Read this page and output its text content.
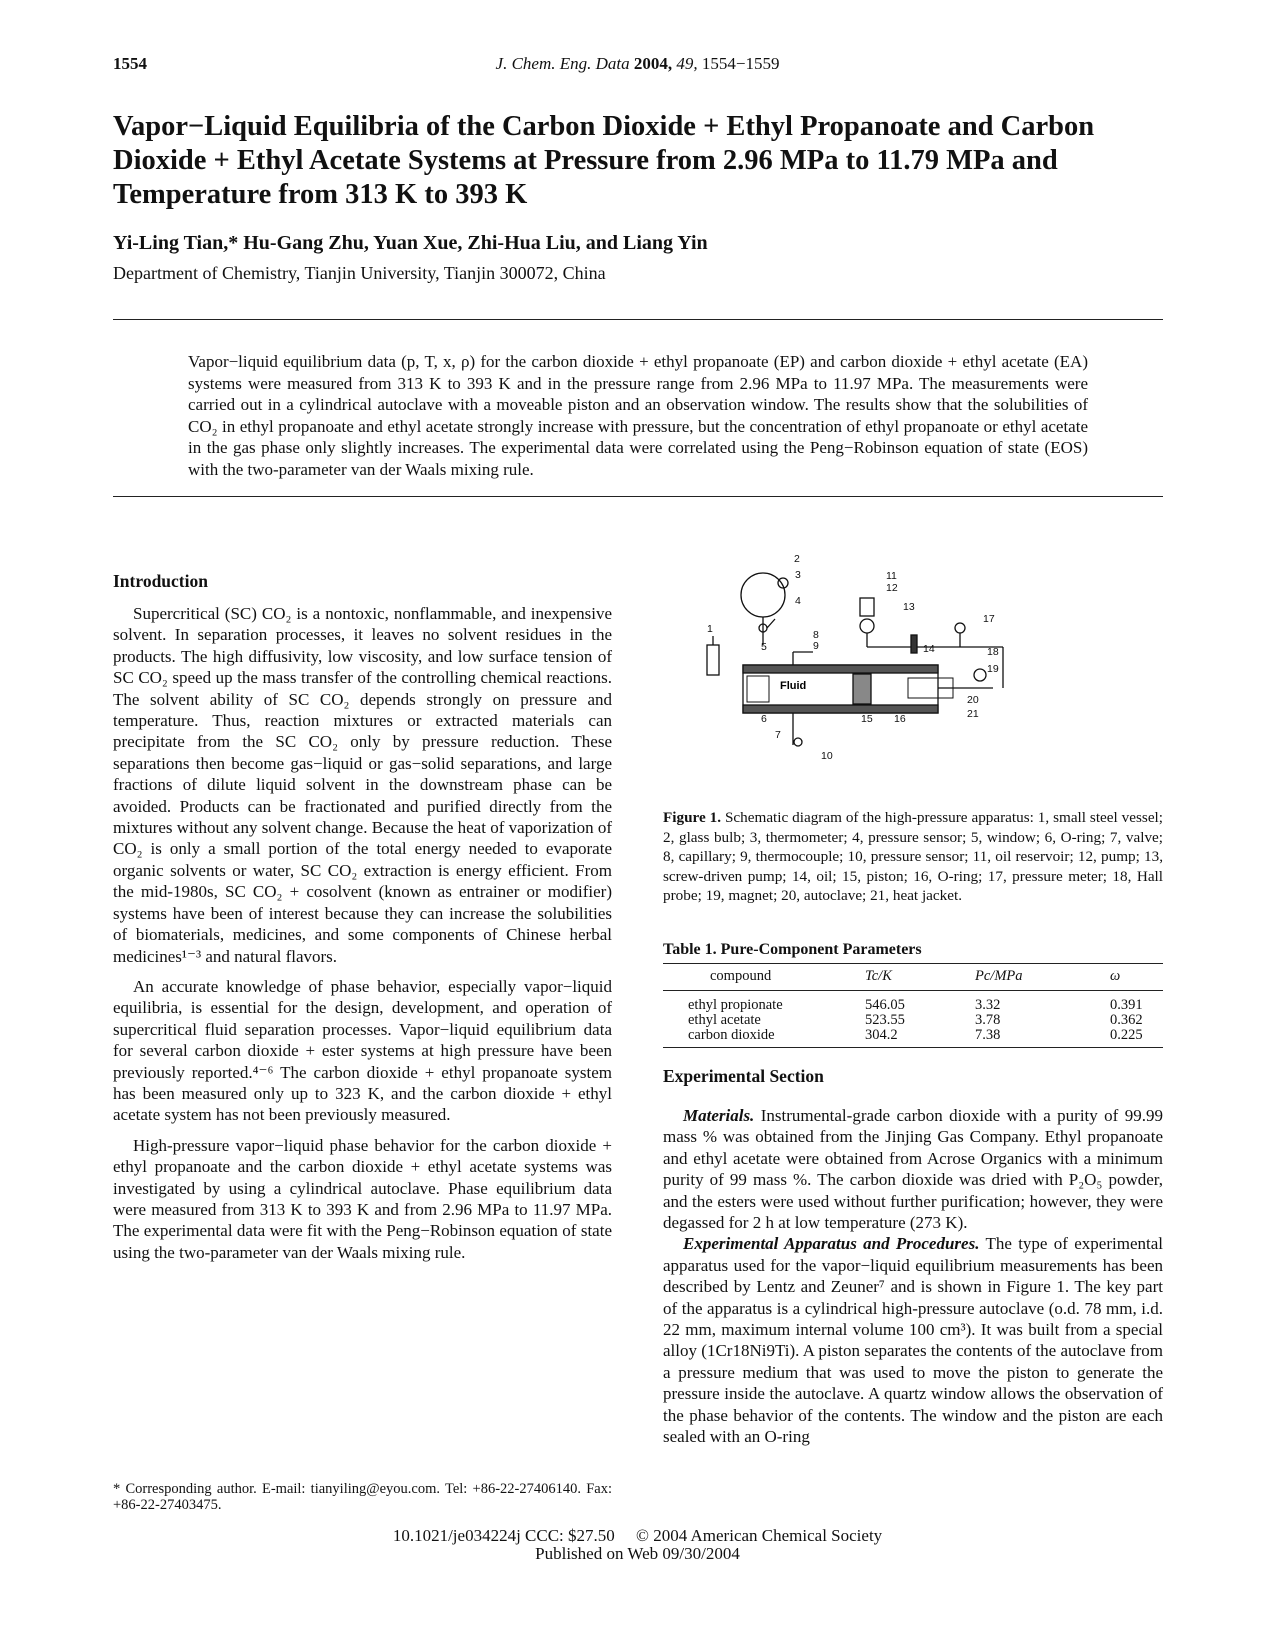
1554	J. Chem. Eng. Data 2004, 49, 1554−1559
Vapor−Liquid Equilibria of the Carbon Dioxide + Ethyl Propanoate and Carbon Dioxide + Ethyl Acetate Systems at Pressure from 2.96 MPa to 11.79 MPa and Temperature from 313 K to 393 K
Yi-Ling Tian,* Hu-Gang Zhu, Yuan Xue, Zhi-Hua Liu, and Liang Yin
Department of Chemistry, Tianjin University, Tianjin 300072, China
Vapor−liquid equilibrium data (p, T, x, ρ) for the carbon dioxide + ethyl propanoate (EP) and carbon dioxide + ethyl acetate (EA) systems were measured from 313 K to 393 K and in the pressure range from 2.96 MPa to 11.97 MPa. The measurements were carried out in a cylindrical autoclave with a moveable piston and an observation window. The results show that the solubilities of CO₂ in ethyl propanoate and ethyl acetate strongly increase with pressure, but the concentration of ethyl propanoate or ethyl acetate in the gas phase only slightly increases. The experimental data were correlated using the Peng−Robinson equation of state (EOS) with the two-parameter van der Waals mixing rule.
Introduction

Supercritical (SC) CO₂ is a nontoxic, nonflammable, and inexpensive solvent. In separation processes, it leaves no solvent residues in the products. The high diffusivity, low viscosity, and low surface tension of SC CO₂ speed up the mass transfer of the controlling chemical reactions. The solvent ability of SC CO₂ depends strongly on pressure and temperature. Thus, reaction mixtures or extracted materials can precipitate from the SC CO₂ only by pressure reduction. These separations then become gas−liquid or gas−solid separations, and large fractions of dilute liquid solvent in the downstream phase can be avoided. Products can be fractionated and purified directly from the mixtures without any solvent change. Because the heat of vaporization of CO₂ is only a small portion of the total energy needed to evaporate organic solvents or water, SC CO₂ extraction is energy efficient. From the mid-1980s, SC CO₂ + cosolvent (known as entrainer or modifier) systems have been of interest because they can increase the solubilities of biomaterials, medicines, and some components of Chinese herbal medicines¹⁻³ and natural flavors.

An accurate knowledge of phase behavior, especially vapor−liquid equilibria, is essential for the design, development, and operation of supercritical fluid separation processes. Vapor−liquid equilibrium data for several carbon dioxide + ester systems at high pressure have been previously reported.⁴⁻⁶ The carbon dioxide + ethyl propanoate system has been measured only up to 323 K, and the carbon dioxide + ethyl acetate system has not been previously measured.

High-pressure vapor−liquid phase behavior for the carbon dioxide + ethyl propanoate and the carbon dioxide + ethyl acetate systems was investigated by using a cylindrical autoclave. Phase equilibrium data were measured from 313 K to 393 K and from 2.96 MPa to 11.97 MPa. The experimental data were fit with the Peng−Robinson equation of state using the two-parameter van der Waals mixing rule.

* Corresponding author. E-mail: tianyiling@eyou.com. Tel: +86-22-27406140. Fax: +86-22-27403475.
Fluid
1
2
3
4
5
6
7
8
9
10
11
12
13
14
15 16
17
18
19
20
21
Figure 1. Schematic diagram of the high-pressure apparatus: 1, small steel vessel; 2, glass bulb; 3, thermometer; 4, pressure sensor; 5, window; 6, O-ring; 7, valve; 8, capillary; 9, thermocouple; 10, pressure sensor; 11, oil reservoir; 12, pump; 13, screw-driven pump; 14, oil; 15, piston; 16, O-ring; 17, pressure meter; 18, Hall probe; 19, magnet; 20, autoclave; 21, heat jacket.
Table 1. Pure-Component Parameters
compound	Tc/K	Pc/MPa	ω
ethyl propionate	546.05	3.32	0.391
ethyl acetate	523.55	3.78	0.362
carbon dioxide	304.2	7.38	0.225
Experimental Section

Materials. Instrumental-grade carbon dioxide with a purity of 99.99 mass % was obtained from the Jinjing Gas Company. Ethyl propanoate and ethyl acetate were obtained from Acrose Organics with a minimum purity of 99 mass %. The carbon dioxide was dried with P₂O₅ powder, and the esters were used without further purification; however, they were degassed for 2 h at low temperature (273 K).

Experimental Apparatus and Procedures. The type of experimental apparatus used for the vapor−liquid equilibrium measurements has been described by Lentz and Zeuner⁷ and is shown in Figure 1. The key part of the apparatus is a cylindrical high-pressure autoclave (o.d. 78 mm, i.d. 22 mm, maximum internal volume 100 cm³). It was built from a special alloy (1Cr18Ni9Ti). A piston separates the contents of the autoclave from a pressure medium that was used to move the piston to generate the pressure inside the autoclave. A quartz window allows the observation of the phase behavior of the contents. The window and the piston are each sealed with an O-ring

10.1021/je034224j CCC: $27.50     © 2004 American Chemical Society
Published on Web 09/30/2004
